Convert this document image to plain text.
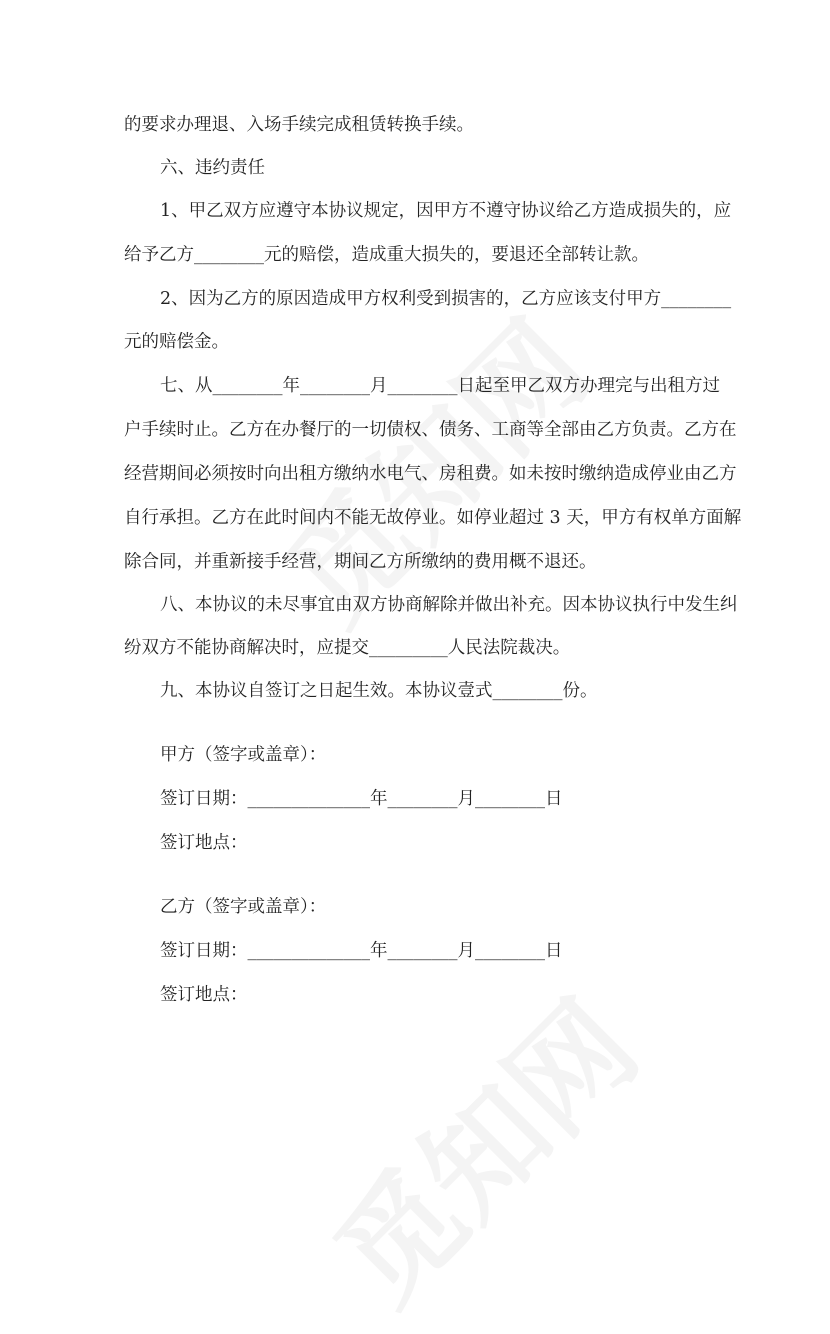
的要求办理退、入场手续完成租赁转换手续。
六、违约责任
1、甲乙双方应遵守本协议规定，因甲方不遵守协议给乙方造成损失的，应
给予乙方________元的赔偿，造成重大损失的，要退还全部转让款。
2、因为乙方的原因造成甲方权利受到损害的，乙方应该支付甲方________
元的赔偿金。
七、从________年________月________日起至甲乙双方办理完与出租方过
户手续时止。乙方在办餐厅的一切债权、债务、工商等全部由乙方负责。乙方在
经营期间必须按时向出租方缴纳水电气、房租费。如未按时缴纳造成停业由乙方
自行承担。乙方在此时间内不能无故停业。如停业超过 3 天，甲方有权单方面解
除合同，并重新接手经营，期间乙方所缴纳的费用概不退还。
八、本协议的未尽事宜由双方协商解除并做出补充。因本协议执行中发生纠
纷双方不能协商解决时，应提交_________人民法院裁决。
九、本协议自签订之日起生效。本协议壹式________份。
甲方（签字或盖章）：
签订日期：______________年________月________日
签订地点：
乙方（签字或盖章）：
签订日期：______________年________月________日
签订地点：
